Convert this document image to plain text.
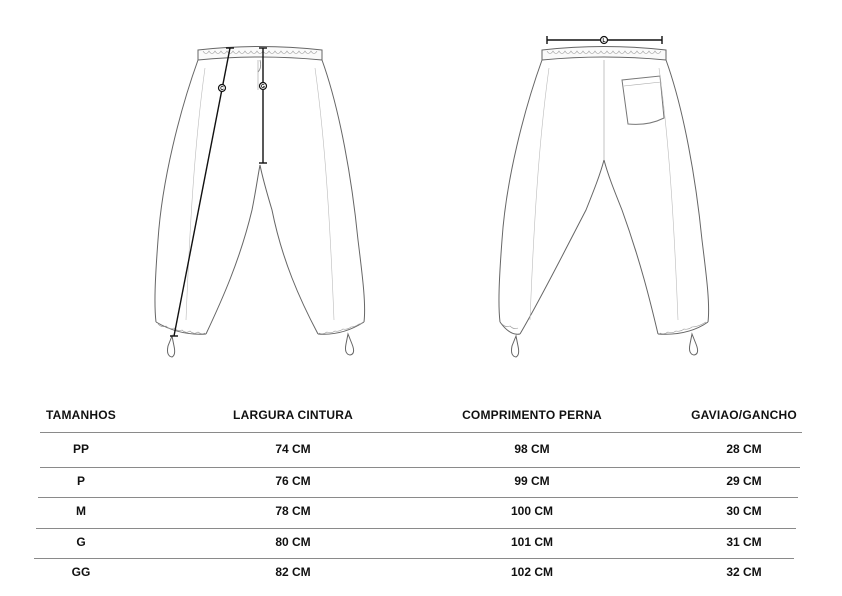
C	G
L
TAMANHOS	LARGURA CINTURA	COMPRIMENTO PERNA	GAVIAO/GANCHO
PP	74 CM	98 CM	28 CM
P	76 CM	99 CM	29 CM
M	78 CM	100 CM	30 CM
G	80 CM	101 CM	31 CM
GG	82 CM	102 CM	32 CM
